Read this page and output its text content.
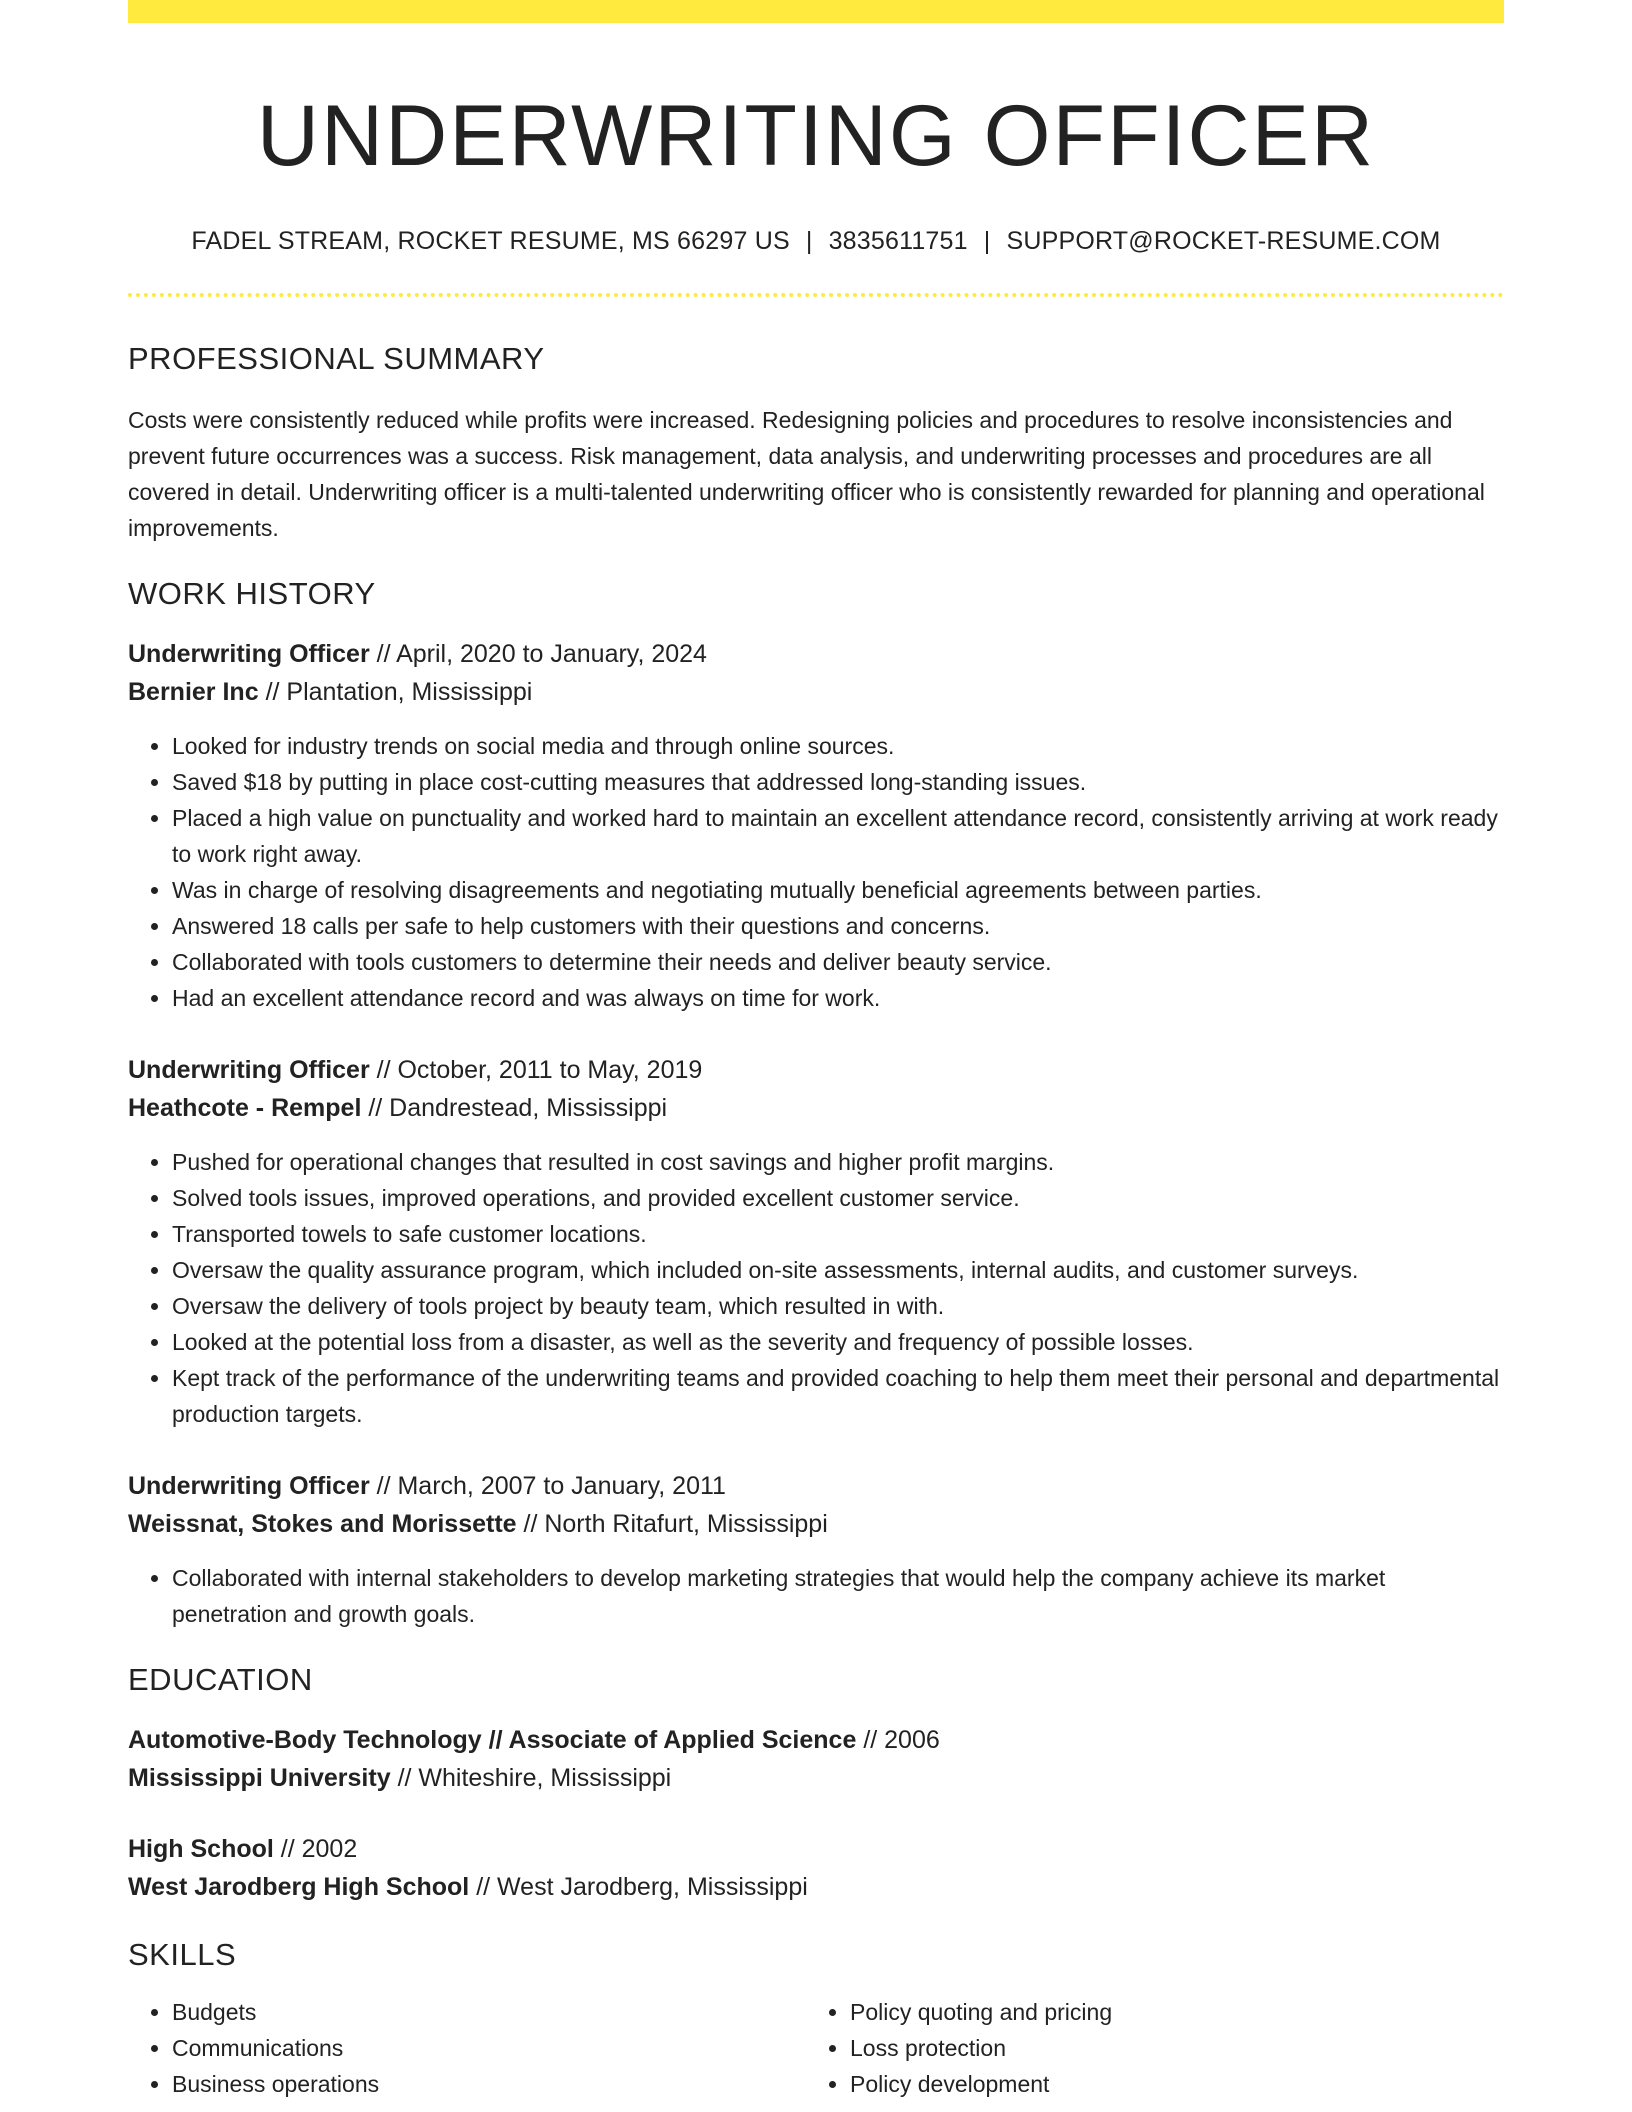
UNDERWRITING OFFICER
FADEL STREAM, ROCKET RESUME, MS 66297 US | 3835611751 | SUPPORT@ROCKET-RESUME.COM
PROFESSIONAL SUMMARY
Costs were consistently reduced while profits were increased. Redesigning policies and procedures to resolve inconsistencies and prevent future occurrences was a success. Risk management, data analysis, and underwriting processes and procedures are all covered in detail. Underwriting officer is a multi-talented underwriting officer who is consistently rewarded for planning and operational improvements.
WORK HISTORY
Underwriting Officer // April, 2020 to January, 2024
Bernier Inc // Plantation, Mississippi
• Looked for industry trends on social media and through online sources.
• Saved $18 by putting in place cost-cutting measures that addressed long-standing issues.
• Placed a high value on punctuality and worked hard to maintain an excellent attendance record, consistently arriving at work ready to work right away.
• Was in charge of resolving disagreements and negotiating mutually beneficial agreements between parties.
• Answered 18 calls per safe to help customers with their questions and concerns.
• Collaborated with tools customers to determine their needs and deliver beauty service.
• Had an excellent attendance record and was always on time for work.
Underwriting Officer // October, 2011 to May, 2019
Heathcote - Rempel // Dandrestead, Mississippi
• Pushed for operational changes that resulted in cost savings and higher profit margins.
• Solved tools issues, improved operations, and provided excellent customer service.
• Transported towels to safe customer locations.
• Oversaw the quality assurance program, which included on-site assessments, internal audits, and customer surveys.
• Oversaw the delivery of tools project by beauty team, which resulted in with.
• Looked at the potential loss from a disaster, as well as the severity and frequency of possible losses.
• Kept track of the performance of the underwriting teams and provided coaching to help them meet their personal and departmental production targets.
Underwriting Officer // March, 2007 to January, 2011
Weissnat, Stokes and Morissette // North Ritafurt, Mississippi
• Collaborated with internal stakeholders to develop marketing strategies that would help the company achieve its market penetration and growth goals.
EDUCATION
Automotive-Body Technology // Associate of Applied Science // 2006
Mississippi University // Whiteshire, Mississippi
High School // 2002
West Jarodberg High School // West Jarodberg, Mississippi
SKILLS
• Budgets
• Communications
• Business operations
• Policy quoting and pricing
• Loss protection
• Policy development
